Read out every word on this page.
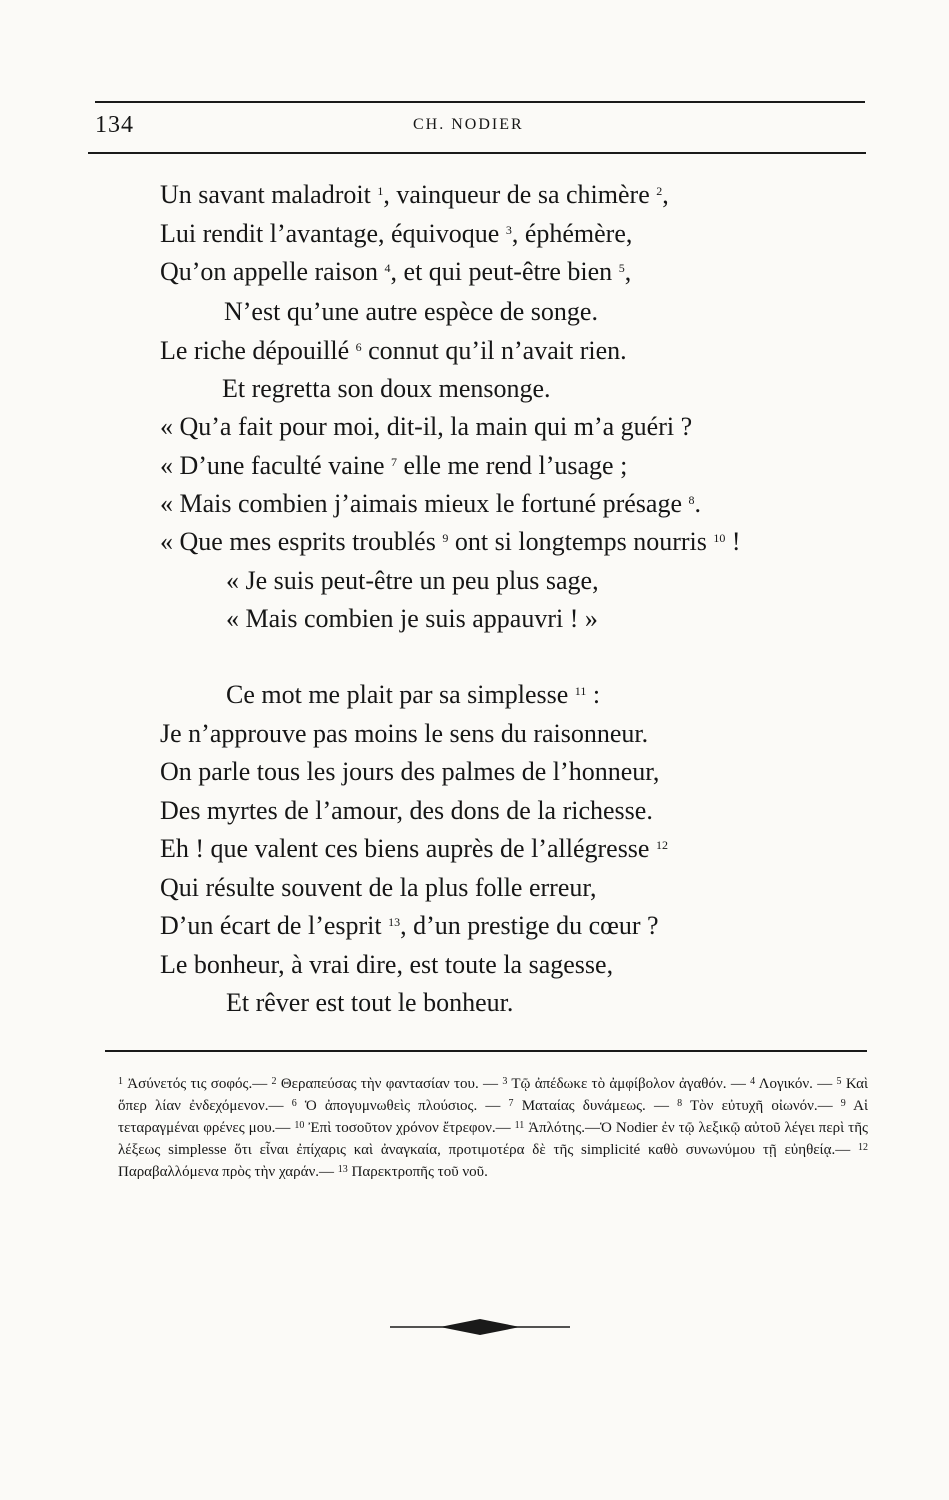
134	CH. NODIER
Un savant maladroit $^1$, vainqueur de sa chimère $^2$,
Lui rendit l’avantage, équivoque $^3$, éphémère,
Qu’on appelle raison $^4$, et qui peut-être bien $^5$,
N’est qu’une autre espèce de songe.
Le riche dépouillé $^6$ connut qu’il n’avait rien.
Et regretta son doux mensonge.
« Qu’a fait pour moi, dit-il, la main qui m’a guéri ?
« D’une faculté vaine $^7$ elle me rend l’usage ;
« Mais combien j’aimais mieux le fortuné présage $^8$.
« Que mes esprits troublés $^9$ ont si longtemps nourris $^{10}$ !
« Je suis peut-être un peu plus sage,
« Mais combien je suis appauvri ! »
Ce mot me plait par sa simplesse $^{11}$ :
Je n’approuve pas moins le sens du raisonneur.
On parle tous les jours des palmes de l’honneur,
Des myrtes de l’amour, des dons de la richesse.
Eh ! que valent ces biens auprès de l’allégresse $^{12}$
Qui résulte souvent de la plus folle erreur,
D’un écart de l’esprit $^{13}$, d’un prestige du cœur ?
Le bonheur, à vrai dire, est toute la sagesse,
Et rêver est tout le bonheur.
$^1$ Ἀσύνετός τις σοφός.— $^2$ Θεραπεύσας τὴν φαντασίαν του. — $^3$ Τῷ ἀπέδωκε τὸ ἀμφίβολον ἀγαθόν. — $^4$ Λογικόν. — $^5$ Καὶ ὅπερ λίαν ἐνδεχόμενον.— $^6$ Ὁ ἀπογυμνωθεὶς πλούσιος. — $^7$ Ματαίας δυνάμεως. — $^8$ Τὸν εὐτυχῆ οἰωνόν.— $^9$ Αἱ τεταραγμέναι φρένες μου.— $^{10}$ Ἐπὶ τοσοῦτον χρόνον ἔτρεφον.— $^{11}$ Ἁπλότης.—Ὁ Nodier ἐν τῷ λεξικῷ αὐτοῦ λέγει περὶ τῆς λέξεως simplesse ὅτι εἶναι ἐπίχαρις καὶ ἀναγκαία, προτιμοτέρα δὲ τῆς simplicité καθὸ συνωνύμου τῇ εὐηθείᾳ.— $^{12}$ Παραβαλλόμενα πρὸς τὴν χαράν.— $^{13}$ Παρεκτροπῆς τοῦ νοῦ.
